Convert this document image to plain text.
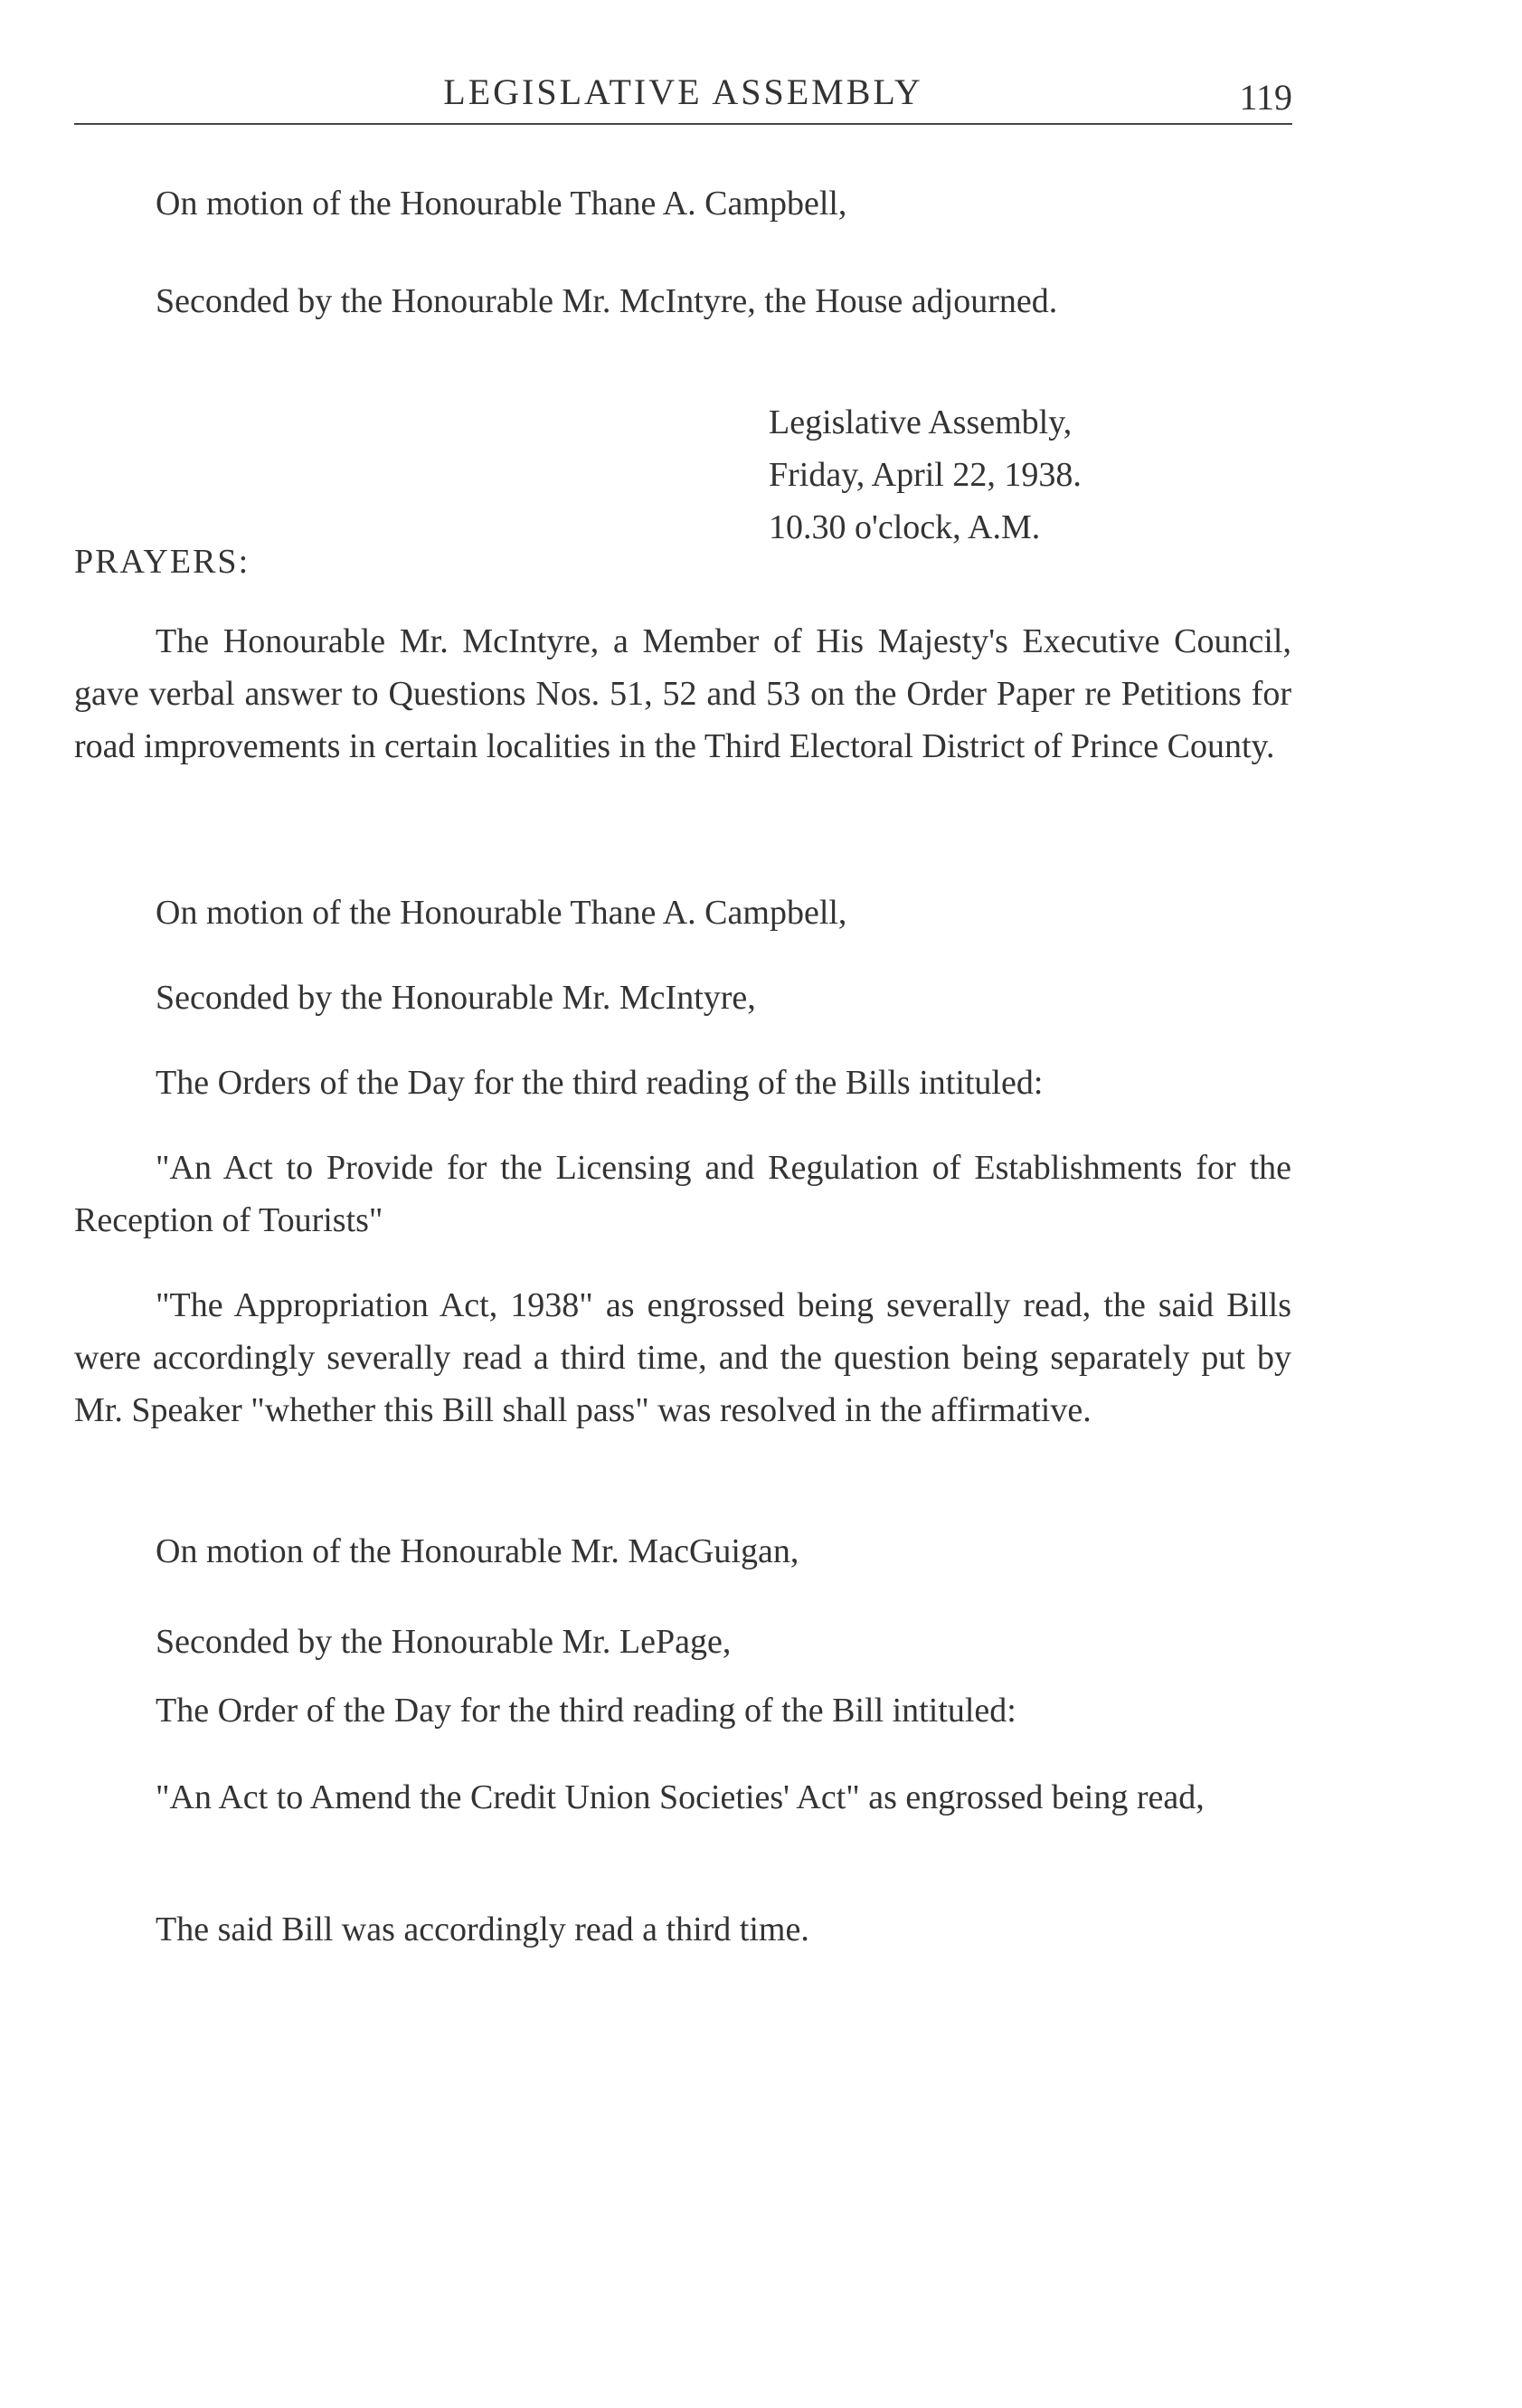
LEGISLATIVE ASSEMBLY	119

On motion of the Honourable Thane A. Campbell,

Seconded by the Honourable Mr. McIntyre, the House adjourned.

Legislative Assembly,
Friday, April 22, 1938.
10.30 o'clock, A.M.
PRAYERS:

The Honourable Mr. McIntyre, a Member of His Majesty's Executive Council, gave verbal answer to Questions Nos. 51, 52 and 53 on the Order Paper re Petitions for road improvements in certain localities in the Third Electoral District of Prince County.

On motion of the Honourable Thane A. Campbell,

Seconded by the Honourable Mr. McIntyre,

The Orders of the Day for the third reading of the Bills intituled:

"An Act to Provide for the Licensing and Regulation of Establishments for the Reception of Tourists"

"The Appropriation Act, 1938" as engrossed being severally read, the said Bills were accordingly severally read a third time, and the question being separately put by Mr. Speaker "whether this Bill shall pass" was resolved in the affirmative.

On motion of the Honourable Mr. MacGuigan,

Seconded by the Honourable Mr. LePage,

The Order of the Day for the third reading of the Bill intituled:

"An Act to Amend the Credit Union Societies' Act" as engrossed being read,

The said Bill was accordingly read a third time.
